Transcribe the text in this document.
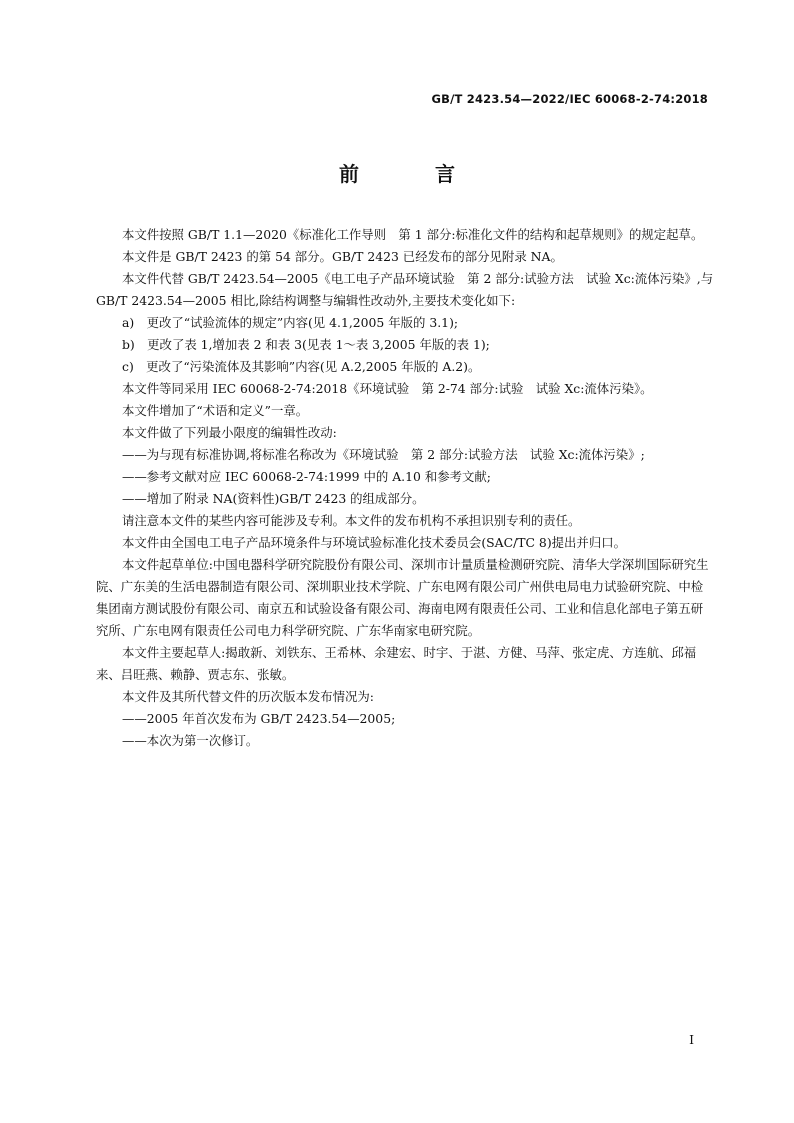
GB/T 2423.54—2022/IEC 60068-2-74:2018
前　言

本文件按照 GB/T 1.1—2020《标准化工作导则　第 1 部分:标准化文件的结构和起草规则》的规定起草。

本文件是 GB/T 2423 的第 54 部分。GB/T 2423 已经发布的部分见附录 NA。

本文件代替 GB/T 2423.54—2005《电工电子产品环境试验　第 2 部分:试验方法　试验 Xc:流体污染》,与 GB/T 2423.54—2005 相比,除结构调整与编辑性改动外,主要技术变化如下:

a)　更改了“试验流体的规定”内容(见 4.1,2005 年版的 3.1);

b)　更改了表 1,增加表 2 和表 3(见表 1～表 3,2005 年版的表 1);

c)　更改了“污染流体及其影响”内容(见 A.2,2005 年版的 A.2)。

本文件等同采用 IEC 60068-2-74:2018《环境试验　第 2-74 部分:试验　试验 Xc:流体污染》。

本文件增加了“术语和定义”一章。

本文件做了下列最小限度的编辑性改动:

——为与现有标准协调,将标准名称改为《环境试验　第 2 部分:试验方法　试验 Xc:流体污染》;

——参考文献对应 IEC 60068-2-74:1999 中的 A.10 和参考文献;

——增加了附录 NA(资料性)GB/T 2423 的组成部分。

请注意本文件的某些内容可能涉及专利。本文件的发布机构不承担识别专利的责任。

本文件由全国电工电子产品环境条件与环境试验标准化技术委员会(SAC/TC 8)提出并归口。

本文件起草单位:中国电器科学研究院股份有限公司、深圳市计量质量检测研究院、清华大学深圳国际研究生院、广东美的生活电器制造有限公司、深圳职业技术学院、广东电网有限公司广州供电局电力试验研究院、中检集团南方测试股份有限公司、南京五和试验设备有限公司、海南电网有限责任公司、工业和信息化部电子第五研究所、广东电网有限责任公司电力科学研究院、广东华南家电研究院。

本文件主要起草人:揭敢新、刘铁东、王希林、余建宏、时宇、于湛、方健、马萍、张定虎、方连航、邱福来、吕旺燕、赖静、贾志东、张敏。

本文件及其所代替文件的历次版本发布情况为:

——2005 年首次发布为 GB/T 2423.54—2005;

——本次为第一次修订。

I
